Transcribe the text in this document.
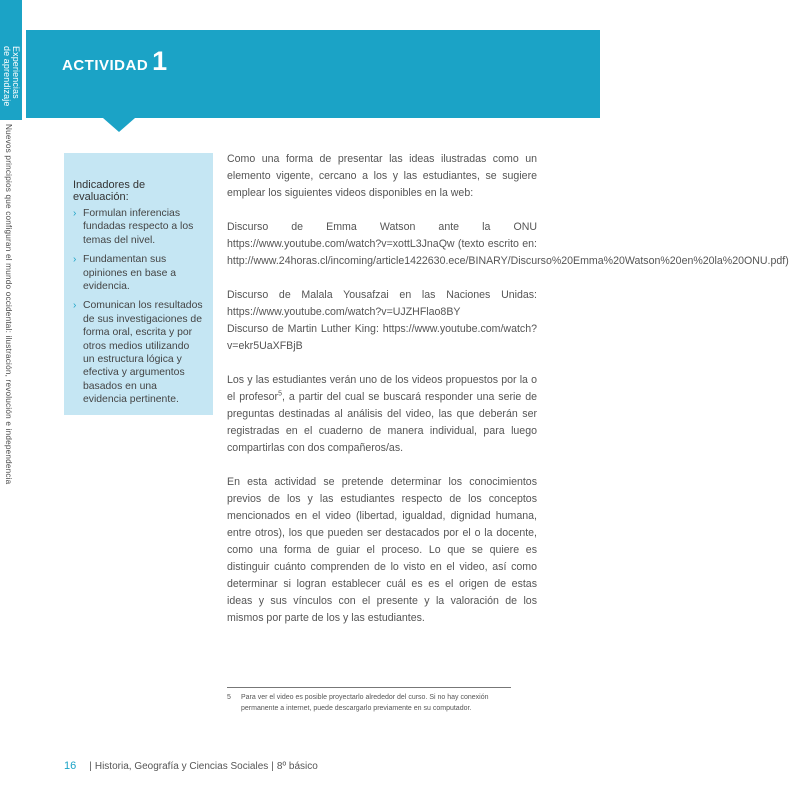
Experiencias
de aprendizaje
Nuevos principios que configuran el mundo occidental: ilustración, revolución e independencia
ACTIVIDAD 1
Indicadores de evaluación:
› Formulan inferencias fundadas respecto a los temas del nivel.
› Fundamentan sus opiniones en base a evidencia.
› Comunican los resultados de sus investigaciones de forma oral, escrita y por otros medios utilizando un estructura lógica y efectiva y argumentos basados en una evidencia pertinente.

Como una forma de presentar las ideas ilustradas como un elemento vigente, cercano a los y las estudiantes, se sugiere emplear los siguientes videos disponibles en la web:

Discurso de Emma Watson ante la ONU https://www.youtube.com/watch?v=xottL3JnaQw (texto escrito en: http://www.24horas.cl/incoming/article1422630.ece/BINARY/Discurso%20Emma%20Watson%20en%20la%20ONU.pdf)

Discurso de Malala Yousafzai en las Naciones Unidas: https://www.youtube.com/watch?v=UJZHFlao8BY

Discurso de Martin Luther King: https://www.youtube.com/watch?v=ekr5UaXFBjB

Los y las estudiantes verán uno de los videos propuestos por la o el profesor$^5$, a partir del cual se buscará responder una serie de preguntas destinadas al análisis del video, las que deberán ser registradas en el cuaderno de manera individual, para luego compartirlas con dos compañeros/as.

En esta actividad se pretende determinar los conocimientos previos de los y las estudiantes respecto de los conceptos mencionados en el video (libertad, igualdad, dignidad humana, entre otros), los que pueden ser destacados por el o la docente, como una forma de guiar el proceso. Lo que se quiere es distinguir cuánto comprenden de lo visto en el video, así como determinar si logran establecer cuál es es el origen de estas ideas y sus vínculos con el presente y la valoración de los mismos por parte de los y las estudiantes.

5 Para ver el video es posible proyectarlo alrededor del curso. Si no hay conexión permanente a internet, puede descargarlo previamente en su computador.
16 | Historia, Geografía y Ciencias Sociales | 8º básico
